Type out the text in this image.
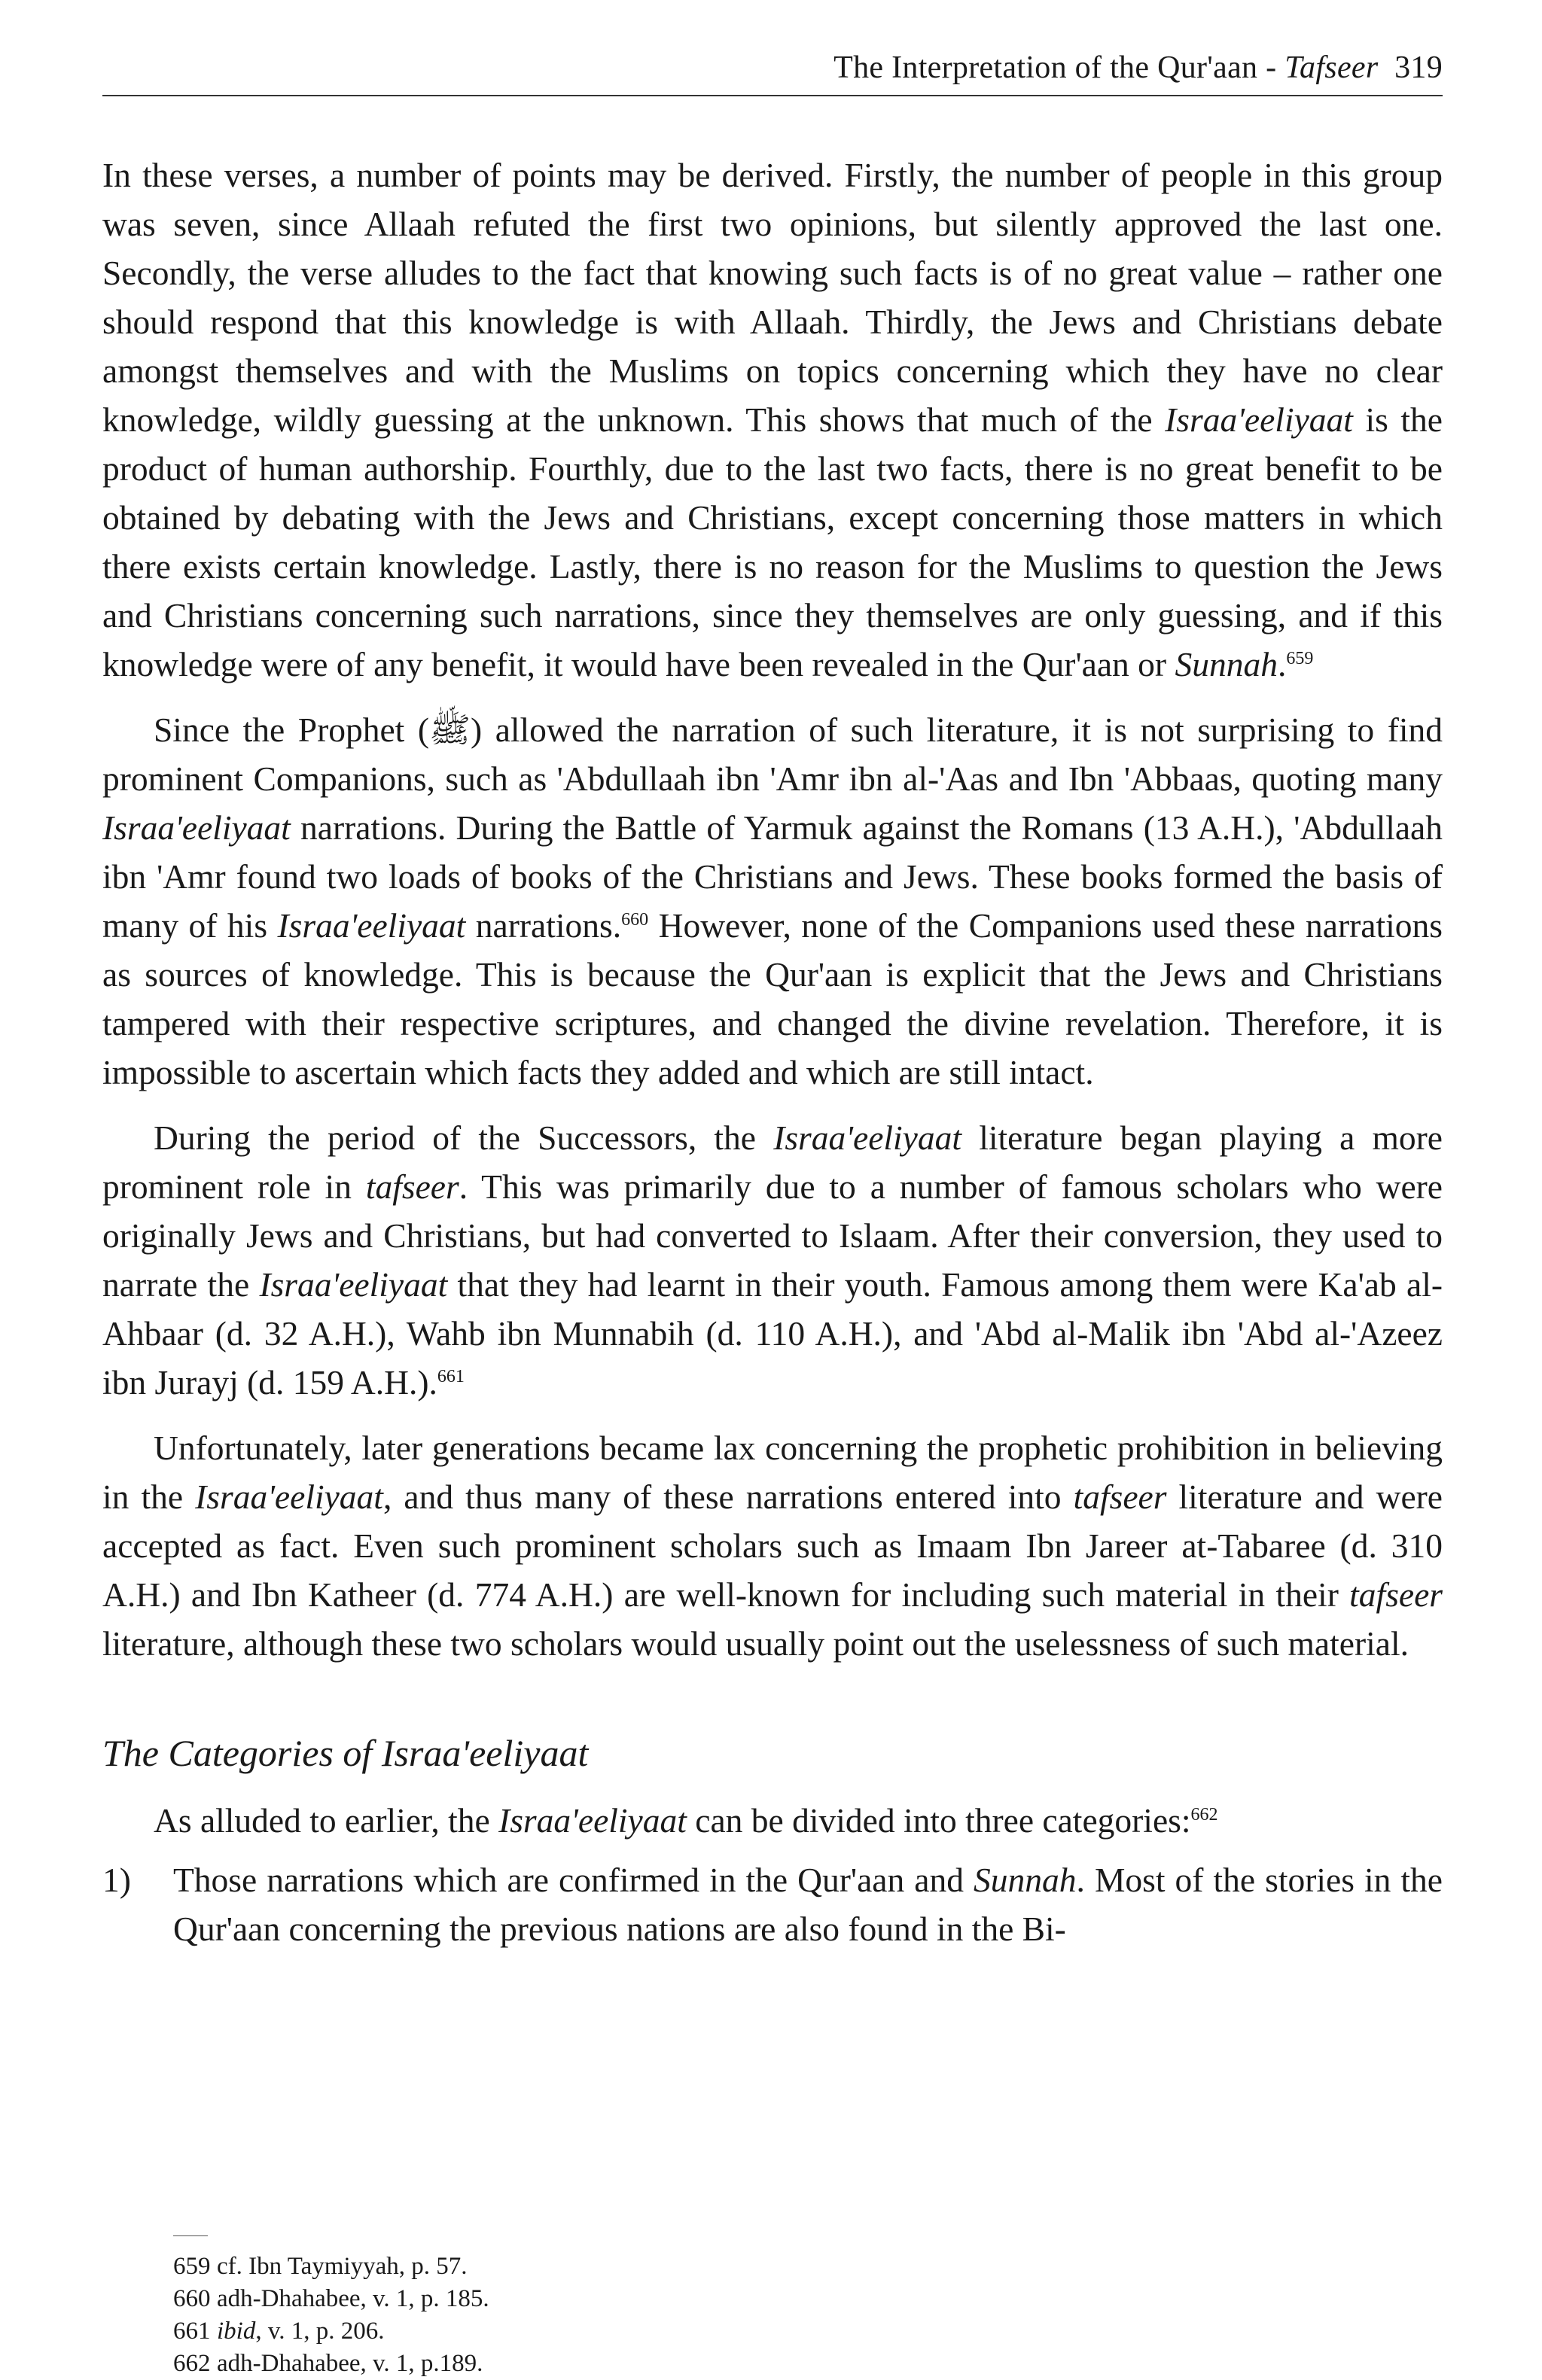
The Interpretation of the Qur'aan - Tafseer 319

In these verses, a number of points may be derived. Firstly, the number of people in this group was seven, since Allaah refuted the first two opinions, but silently approved the last one. Secondly, the verse alludes to the fact that knowing such facts is of no great value – rather one should respond that this knowledge is with Allaah. Thirdly, the Jews and Christians debate amongst themselves and with the Muslims on topics concerning which they have no clear knowledge, wildly guessing at the unknown. This shows that much of the Israa'eeliyaat is the product of human authorship. Fourthly, due to the last two facts, there is no great benefit to be obtained by debating with the Jews and Christians, except concerning those matters in which there exists certain knowledge. Lastly, there is no reason for the Muslims to question the Jews and Christians concerning such narrations, since they themselves are only guessing, and if this knowledge were of any benefit, it would have been revealed in the Qur'aan or Sunnah.$^{659}$

Since the Prophet (ﷺ) allowed the narration of such literature, it is not surprising to find prominent Companions, such as 'Abdullaah ibn 'Amr ibn al-'Aas and Ibn 'Abbaas, quoting many Israa'eeliyaat narrations. During the Battle of Yarmuk against the Romans (13 A.H.), 'Abdullaah ibn 'Amr found two loads of books of the Christians and Jews. These books formed the basis of many of his Israa'eeliyaat narrations.$^{660}$ However, none of the Companions used these narrations as sources of knowledge. This is because the Qur'aan is explicit that the Jews and Christians tampered with their respective scriptures, and changed the divine revelation. Therefore, it is impossible to ascertain which facts they added and which are still intact.

During the period of the Successors, the Israa'eeliyaat literature began playing a more prominent role in tafseer. This was primarily due to a number of famous scholars who were originally Jews and Christians, but had converted to Islaam. After their conversion, they used to narrate the Israa'eeliyaat that they had learnt in their youth. Famous among them were Ka'ab al-Ahbaar (d. 32 A.H.), Wahb ibn Munnabih (d. 110 A.H.), and 'Abd al-Malik ibn 'Abd al-'Azeez ibn Jurayj (d. 159 A.H.).$^{661}$

Unfortunately, later generations became lax concerning the prophetic prohibition in believing in the Israa'eeliyaat, and thus many of these narrations entered into tafseer literature and were accepted as fact. Even such prominent scholars such as Imaam Ibn Jareer at-Tabaree (d. 310 A.H.) and Ibn Katheer (d. 774 A.H.) are well-known for including such material in their tafseer literature, although these two scholars would usually point out the uselessness of such material.

The Categories of Israa'eeliyaat

As alluded to earlier, the Israa'eeliyaat can be divided into three categories:$^{662}$

1) Those narrations which are confirmed in the Qur'aan and Sunnah. Most of the stories in the Qur'aan concerning the previous nations are also found in the Bi-
659 cf. Ibn Taymiyyah, p. 57.
660 adh-Dhahabee, v. 1, p. 185.
661 ibid, v. 1, p. 206.
662 adh-Dhahabee, v. 1, p.189.
